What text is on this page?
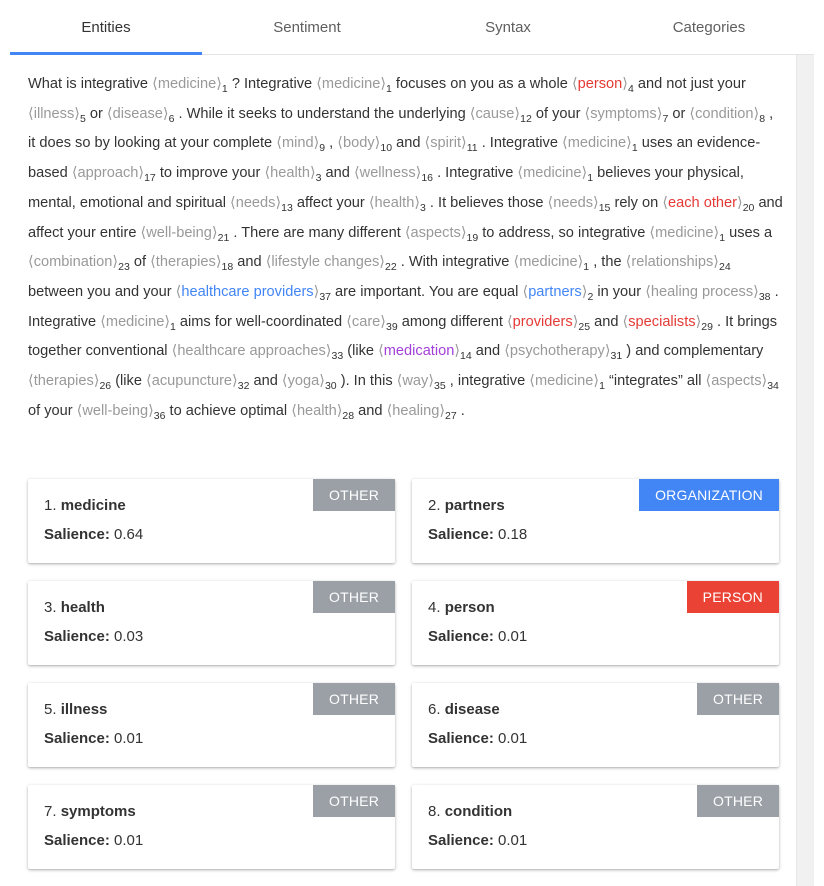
Entities	Sentiment	Syntax	Categories
What is integrative $⟨medicine⟩_1$ ? Integrative $⟨medicine⟩_1$ focuses on you as a whole $⟨person⟩_4$ and not just your $⟨illness⟩_5$ or $⟨disease⟩_6$ . While it seeks to understand the underlying $⟨cause⟩_{12}$ of your $⟨symptoms⟩_7$ or $⟨condition⟩_8$ , it does so by looking at your complete $⟨\min d⟩_9$ , $⟨body⟩_{10}$ and $⟨spirit⟩_{11}$ . Integrative $⟨medicine⟩_1$ uses an evidence-based $⟨approach⟩_{17}$ to improve your $⟨health⟩_3$ and $⟨wellness⟩_{16}$ . Integrative $⟨medicine⟩_1$ believes your physical, mental, emotional and spiritual $⟨needs⟩_{13}$ affect your $⟨health⟩_3$ . It believes those $⟨needs⟩_{15}$ rely on ⟨each $other⟩_{20}$ and affect your entire $⟨well-being⟩_{21}$ . There are many different $⟨aspects⟩_{19}$ to address, so integrative $⟨medicine⟩_1$ uses a $⟨combination⟩_{23}$ of $⟨therapies⟩_{18}$ and ⟨lifestyle $changes⟩_{22}$ . With integrative $⟨medicine⟩_1$ , the $⟨relationships⟩_{24}$ between you and your ⟨healthcare $providers⟩_{37}$ are important. You are equal $⟨partners⟩_2$ in your ⟨healing $process⟩_{38}$ . Integrative $⟨medicine⟩_1$ aims for well-coordinated $⟨care⟩_{39}$ among different $⟨providers⟩_{25}$ and $⟨specialists⟩_{29}$ . It brings together conventional ⟨healthcare $approaches⟩_{33}$ (like $⟨medication⟩_{14}$ and $⟨psychotherapy⟩_{31}$ ) and complementary $⟨therapies⟩_{26}$ (like $⟨acupuncture⟩_{32}$ and $⟨yoga⟩_{30}$ ). In this $⟨way⟩_{35}$ , integrative $⟨medicine⟩_1$ “integrates” all $⟨aspects⟩_{34}$ of your $⟨well-being⟩_{36}$ to achieve optimal $⟨health⟩_{28}$ and $⟨healing⟩_{27}$ .
1. medicine
Salience: 0.64
OTHER
2. partners
Salience: 0.18
ORGANIZATION
3. health
Salience: 0.03
OTHER
4. person
Salience: 0.01
PERSON
5. illness
Salience: 0.01
OTHER
6. disease
Salience: 0.01
OTHER
7. symptoms
Salience: 0.01
OTHER
8. condition
Salience: 0.01
OTHER
